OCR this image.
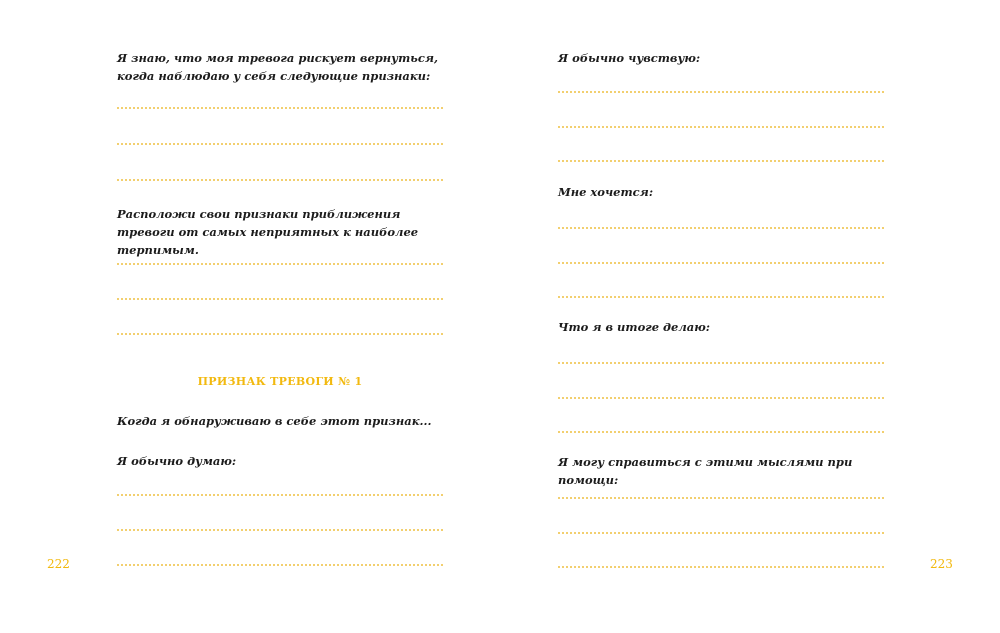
Я знаю, что моя тревога рискует вернуться, когда наблюдаю у себя следующие признаки:

Расположи свои признаки приближения тревоги от самых неприятных к наиболее терпимым.

ПРИЗНАК ТРЕВОГИ № 1

Когда я обнаруживаю в себе этот признак...

Я обычно думаю:

222

Я обычно чувствую:

Мне хочется:

Что я в итоге делаю:

Я могу справиться с этими мыслями при помощи:

223
